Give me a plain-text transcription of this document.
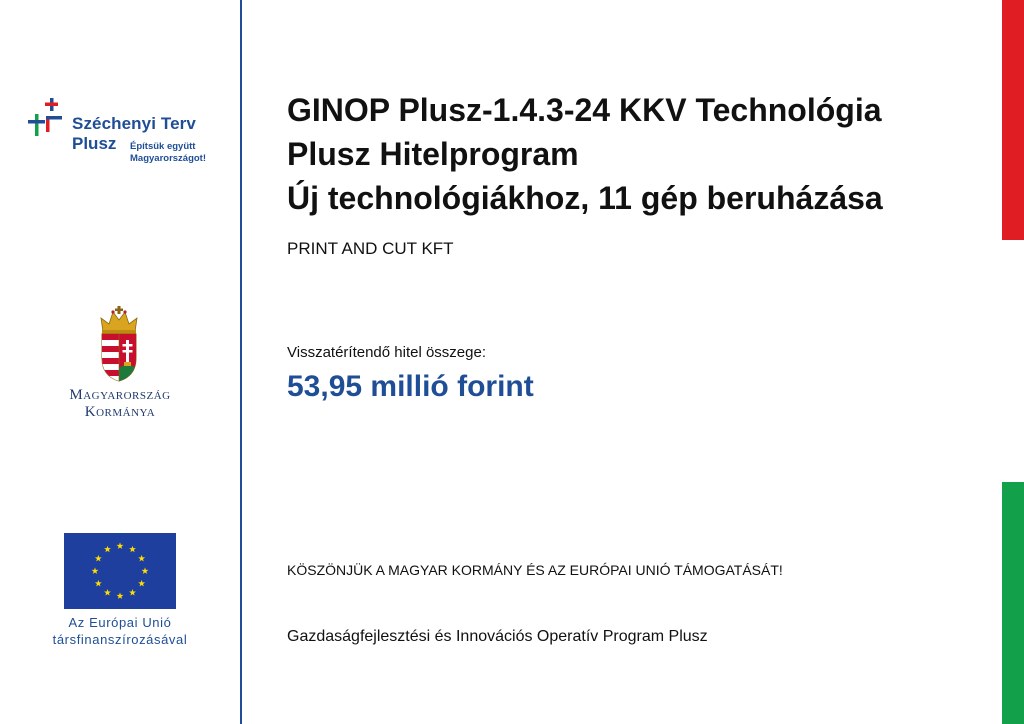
Széchenyi Terv
Plusz Építsük együtt
Magyarországot!
Magyarország
Kormánya
Az Európai Unió
társfinanszírozásával
GINOP Plusz-1.4.3-24 KKV Technológia
Plusz Hitelprogram
Új technológiákhoz, 11 gép beruházása
PRINT AND CUT KFT
Visszatérítendő hitel összege:
53,95 millió forint
KÖSZÖNJÜK A MAGYAR KORMÁNY ÉS AZ EURÓPAI UNIÓ TÁMOGATÁSÁT!
Gazdaságfejlesztési és Innovációs Operatív Program Plusz
